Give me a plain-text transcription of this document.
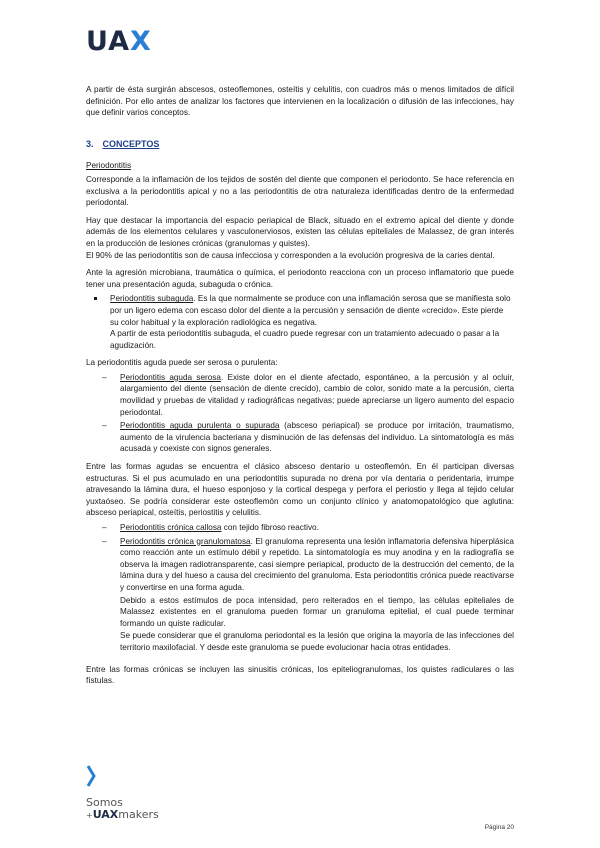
UAX

A partir de ésta surgirán abscesos, osteoflemones, osteítis y celulitis, con cuadros más o menos limitados de difícil definición. Por ello antes de analizar los factores que intervienen en la localización o difusión de las infecciones, hay que definir varios conceptos.

3. CONCEPTOS

Periodontitis

Corresponde a la inflamación de los tejidos de sostén del diente que componen el periodonto. Se hace referencia en exclusiva a la periodontitis apical y no a las periodontitis de otra naturaleza identificadas dentro de la enfermedad periodontal.

Hay que destacar la importancia del espacio periapical de Black, situado en el extremo apical del diente y donde además de los elementos celulares y vasculonerviosos, existen las células epiteliales de Malassez, de gran interés en la producción de lesiones crónicas (granulomas y quistes).

El 90% de las periodontitis son de causa infecciosa y corresponden a la evolución progresiva de la caries dental.

Ante la agresión microbiana, traumática o química, el periodonto reacciona con un proceso inflamatorio que puede tener una presentación aguda, subaguda o crónica.

Periodontitis subaguda. Es la que normalmente se produce con una inflamación serosa que se manifiesta solo por un ligero edema con escaso dolor del diente a la percusión y sensación de diente «crecido». Este pierde su color habitual y la exploración radiológica es negativa.

A partir de esta periodontitis subaguda, el cuadro puede regresar con un tratamiento adecuado o pasar a la agudización.

La periodontitis aguda puede ser serosa o purulenta:

– Periodontitis aguda serosa. Existe dolor en el diente afectado, espontáneo, a la percusión y al ocluir, alargamiento del diente (sensación de diente crecido), cambio de color, sonido mate a la percusión, cierta movilidad y pruebas de vitalidad y radiográficas negativas; puede apreciarse un ligero aumento del espacio periodontal.
– Periodontitis aguda purulenta o supurada (absceso periapical) se produce por irritación, traumatismo, aumento de la virulencia bacteriana y disminución de las defensas del individuo. La sintomatología es más acusada y coexiste con signos generales.

Entre las formas agudas se encuentra el clásico absceso dentario u osteoflemón. En él participan diversas estructuras. Si el pus acumulado en una periodontitis supurada no drena por vía dentaria o peridentaria, irrumpe atravesando la lámina dura, el hueso esponjoso y la cortical despega y perfora el periostio y llega al tejido celular yuxtaóseo. Se podría considerar este osteoflemón como un conjunto clínico y anatomopatológico que aglutina: absceso periapical, osteítis, periostitis y celulitis.

– Periodontitis crónica callosa con tejido fibroso reactivo.
– Periodontitis crónica granulomatosa. El granuloma representa una lesión inflamatoria defensiva hiperplásica como reacción ante un estímulo débil y repetido. La sintomatología es muy anodina y en la radiografía se observa la imagen radiotransparente, casi siempre periapical, producto de la destrucción del cemento, de la lámina dura y del hueso a causa del crecimiento del granuloma. Esta periodontitis crónica puede reactivarse y convertirse en una forma aguda.

Debido a estos estímulos de poca intensidad, pero reiterados en el tiempo, las células epiteliales de Malassez existentes en el granuloma pueden formar un granuloma epitelial, el cual puede terminar formando un quiste radicular.

Se puede considerar que el granuloma periodontal es la lesión que origina la mayoría de las infecciones del territorio maxilofacial. Y desde este granuloma se puede evolucionar hacia otras entidades.

Entre las formas crónicas se incluyen las sinusitis crónicas, los epiteliogranulomas, los quistes radiculares o las fístulas.

Somos
+UAXmakers
Página 20
